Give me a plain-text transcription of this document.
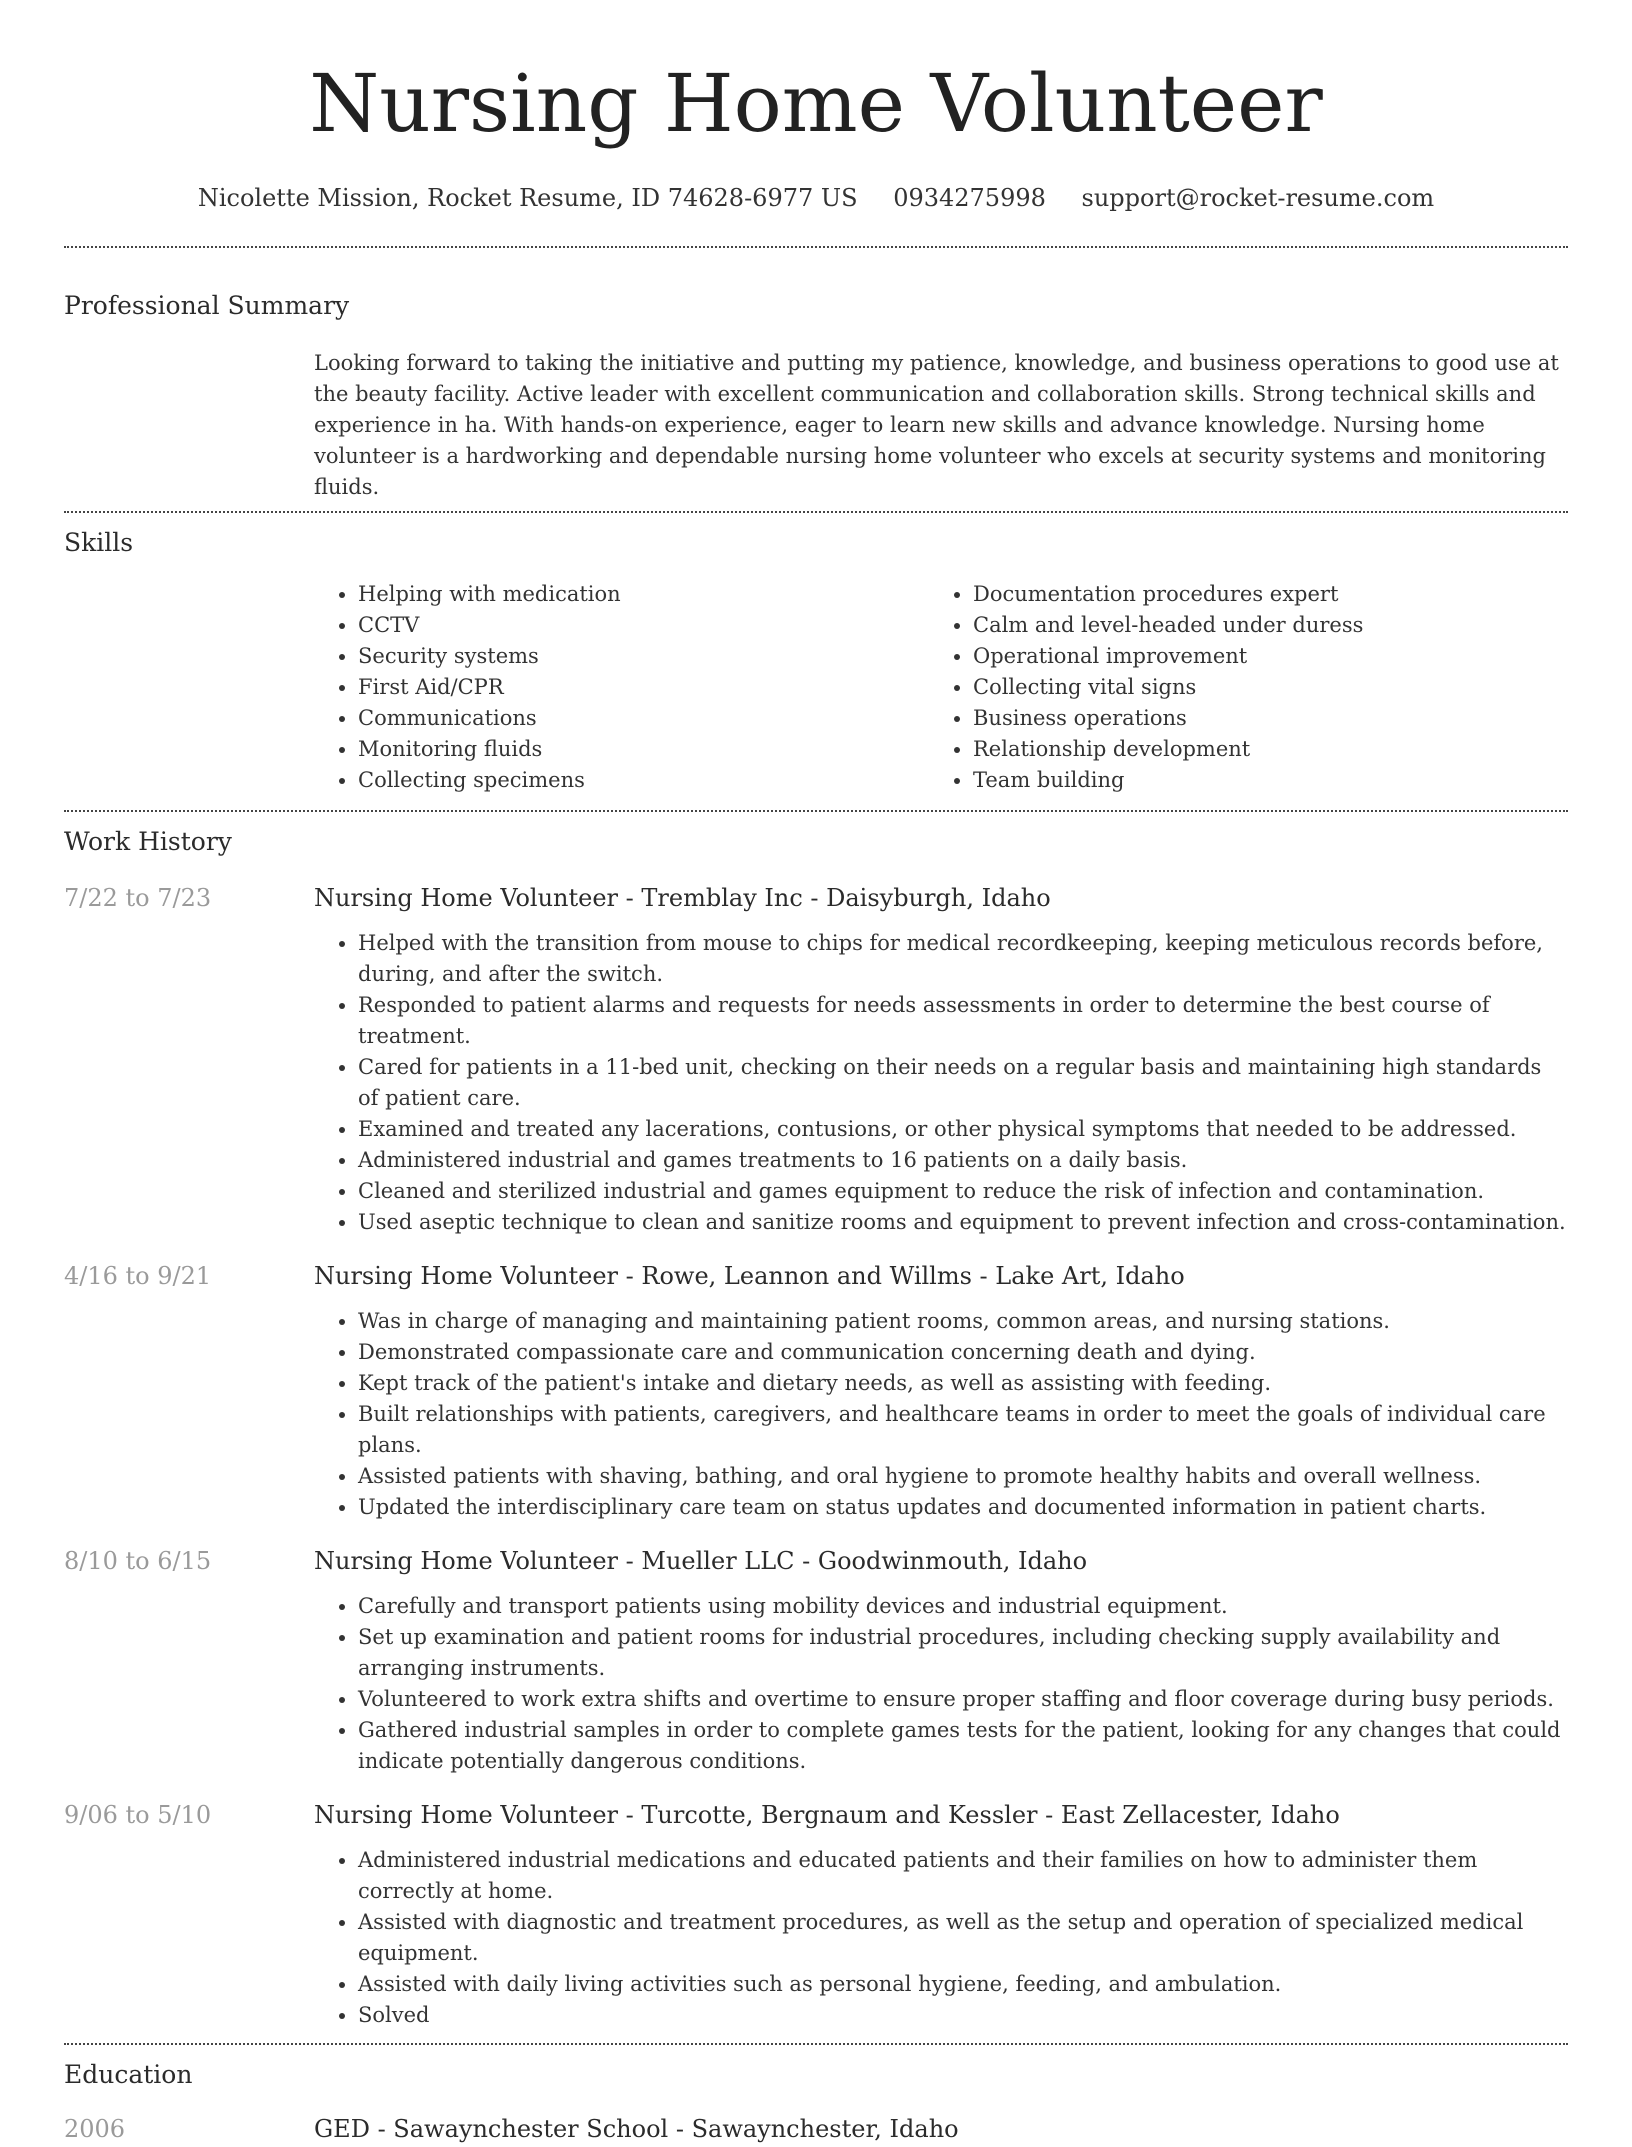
Nursing Home Volunteer
Nicolette Mission, Rocket Resume, ID 74628-6977 US 0934275998 support@rocket-resume.com
Professional Summary

Looking forward to taking the initiative and putting my patience, knowledge, and business operations to good use at the beauty facility. Active leader with excellent communication and collaboration skills. Strong technical skills and experience in ha. With hands-on experience, eager to learn new skills and advance knowledge. Nursing home volunteer is a hardworking and dependable nursing home volunteer who excels at security systems and monitoring fluids.

Skills
• Helping with medication
• CCTV
• Security systems
• First Aid/CPR
• Communications
• Monitoring fluids
• Collecting specimens
• Documentation procedures expert
• Calm and level-headed under duress
• Operational improvement
• Collecting vital signs
• Business operations
• Relationship development
• Team building
Work History
7/22 to 7/23	Nursing Home Volunteer - Tremblay Inc - Daisyburgh, Idaho
• Helped with the transition from mouse to chips for medical recordkeeping, keeping meticulous records before, during, and after the switch.
• Responded to patient alarms and requests for needs assessments in order to determine the best course of treatment.
• Cared for patients in a 11-bed unit, checking on their needs on a regular basis and maintaining high standards of patient care.
• Examined and treated any lacerations, contusions, or other physical symptoms that needed to be addressed.
• Administered industrial and games treatments to 16 patients on a daily basis.
• Cleaned and sterilized industrial and games equipment to reduce the risk of infection and contamination.
• Used aseptic technique to clean and sanitize rooms and equipment to prevent infection and cross-contamination.
4/16 to 9/21	Nursing Home Volunteer - Rowe, Leannon and Willms - Lake Art, Idaho
• Was in charge of managing and maintaining patient rooms, common areas, and nursing stations.
• Demonstrated compassionate care and communication concerning death and dying.
• Kept track of the patient's intake and dietary needs, as well as assisting with feeding.
• Built relationships with patients, caregivers, and healthcare teams in order to meet the goals of individual care plans.
• Assisted patients with shaving, bathing, and oral hygiene to promote healthy habits and overall wellness.
• Updated the interdisciplinary care team on status updates and documented information in patient charts.
8/10 to 6/15	Nursing Home Volunteer - Mueller LLC - Goodwinmouth, Idaho
• Carefully and transport patients using mobility devices and industrial equipment.
• Set up examination and patient rooms for industrial procedures, including checking supply availability and arranging instruments.
• Volunteered to work extra shifts and overtime to ensure proper staffing and floor coverage during busy periods.
• Gathered industrial samples in order to complete games tests for the patient, looking for any changes that could indicate potentially dangerous conditions.
9/06 to 5/10	Nursing Home Volunteer - Turcotte, Bergnaum and Kessler - East Zellacester, Idaho
• Administered industrial medications and educated patients and their families on how to administer them correctly at home.
• Assisted with diagnostic and treatment procedures, as well as the setup and operation of specialized medical equipment.
• Assisted with daily living activities such as personal hygiene, feeding, and ambulation.
• Solved
Education
2006	GED - Sawaynchester School - Sawaynchester, Idaho
